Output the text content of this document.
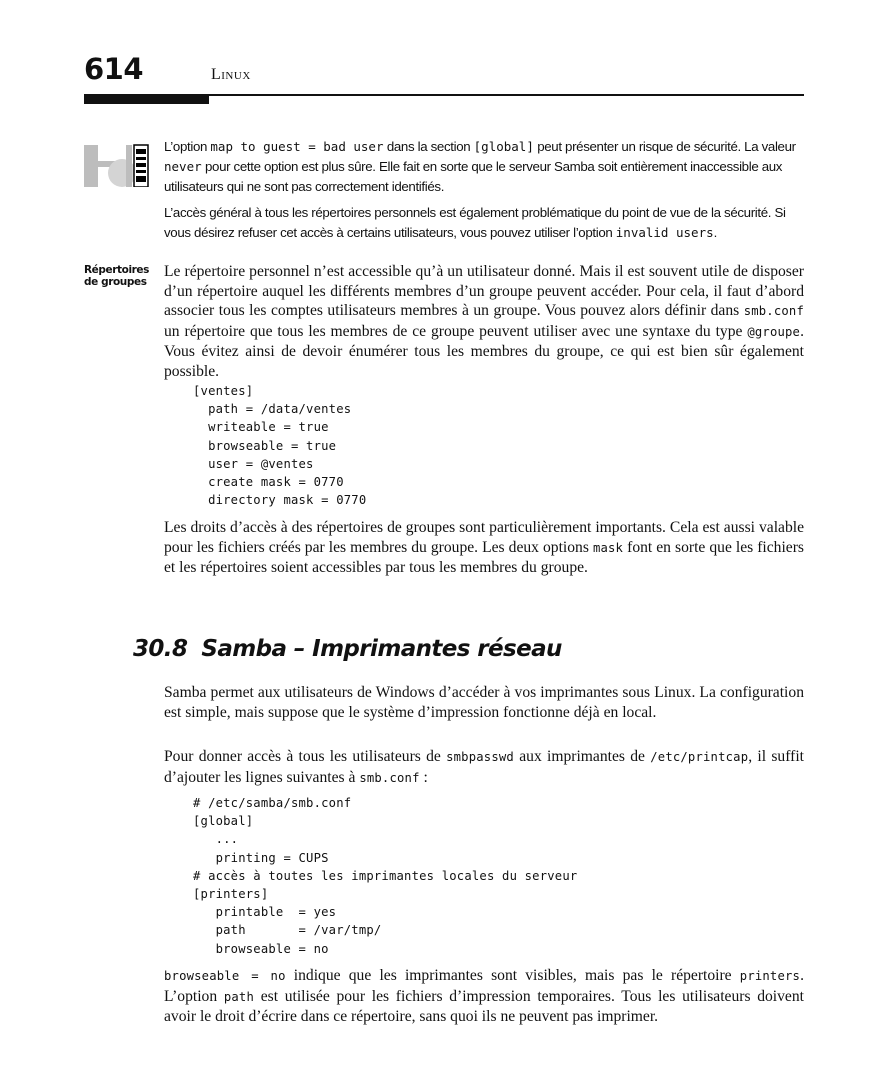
614	Linux

L’option map to guest = bad user dans la section [global] peut présenter un risque de sécurité. La valeur never pour cette option est plus sûre. Elle fait en sorte que le serveur Samba soit entièrement inaccessible aux utilisateurs qui ne sont pas correctement identifiés.

L’accès général à tous les répertoires personnels est également problématique du point de vue de la sécurité. Si vous désirez refuser cet accès à certains utilisateurs, vous pouvez utiliser l’option invalid users.

Répertoires de groupes

Le répertoire personnel n’est accessible qu’à un utilisateur donné. Mais il est souvent utile de disposer d’un répertoire auquel les différents membres d’un groupe peuvent accéder. Pour cela, il faut d’abord associer tous les comptes utilisateurs membres à un groupe. Vous pouvez alors définir dans smb.conf un répertoire que tous les membres de ce groupe peuvent utiliser avec une syntaxe du type @groupe. Vous évitez ainsi de devoir énumérer tous les membres du groupe, ce qui est bien sûr également possible.

[ventes]
path = /data/ventes
writeable = true
browseable = true
user = @ventes
create mask = 0770
directory mask = 0770

Les droits d’accès à des répertoires de groupes sont particulièrement importants. Cela est aussi valable pour les fichiers créés par les membres du groupe. Les deux options mask font en sorte que les fichiers et les répertoires soient accessibles par tous les membres du groupe.

30.8 Samba – Imprimantes réseau

Samba permet aux utilisateurs de Windows d’accéder à vos imprimantes sous Linux. La configuration est simple, mais suppose que le système d’impression fonctionne déjà en local.

Pour donner accès à tous les utilisateurs de smbpasswd aux imprimantes de /etc/printcap, il suffit d’ajouter les lignes suivantes à smb.conf :

# /etc/samba/smb.conf
[global]
...
printing = CUPS
# accès à toutes les imprimantes locales du serveur
[printers]
printable  = yes
path       = /var/tmp/
browseable = no

browseable = no indique que les imprimantes sont visibles, mais pas le répertoire printers. L’option path est utilisée pour les fichiers d’impression temporaires. Tous les utilisateurs doivent avoir le droit d’écrire dans ce répertoire, sans quoi ils ne peuvent pas imprimer.
